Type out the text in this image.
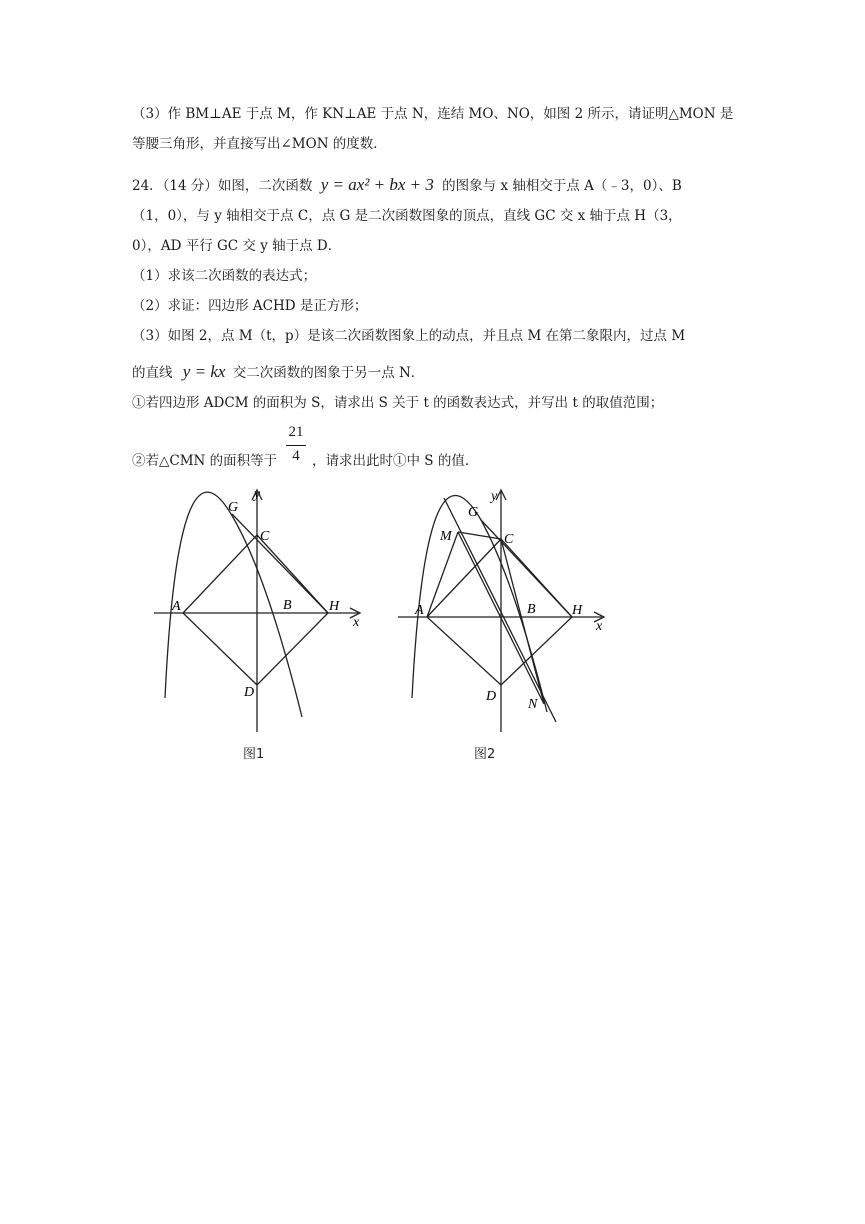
（3）作 BM⊥AE 于点 M，作 KN⊥AE 于点 N，连结 MO、NO，如图 2 所示，请证明△MON 是
等腰三角形，并直接写出∠MON 的度数．
24．（14 分）如图，二次函数 y = ax² + bx + 3 的图象与 x 轴相交于点 A（﹣3，0）、B
（1，0），与 y 轴相交于点 C，点 G 是二次函数图象的顶点，直线 GC 交 x 轴于点 H（3，
0），AD 平行 GC 交 y 轴于点 D．
（1）求该二次函数的表达式；
（2）求证：四边形 ACHD 是正方形；
（3）如图 2，点 M（t，p）是该二次函数图象上的动点，并且点 M 在第二象限内，过点 M
的直线 y = kx 交二次函数的图象于另一点 N．
①若四边形 ADCM 的面积为 S，请求出 S 关于 t 的函数表达式，并写出 t 的取值范围；
②若△CMN 的面积等于
21
4 ，请求出此时①中 S 的值．
G
y
C
A	B	H
x
D
图1
G
y
M	C
A	B	H
x
D
N
图2
